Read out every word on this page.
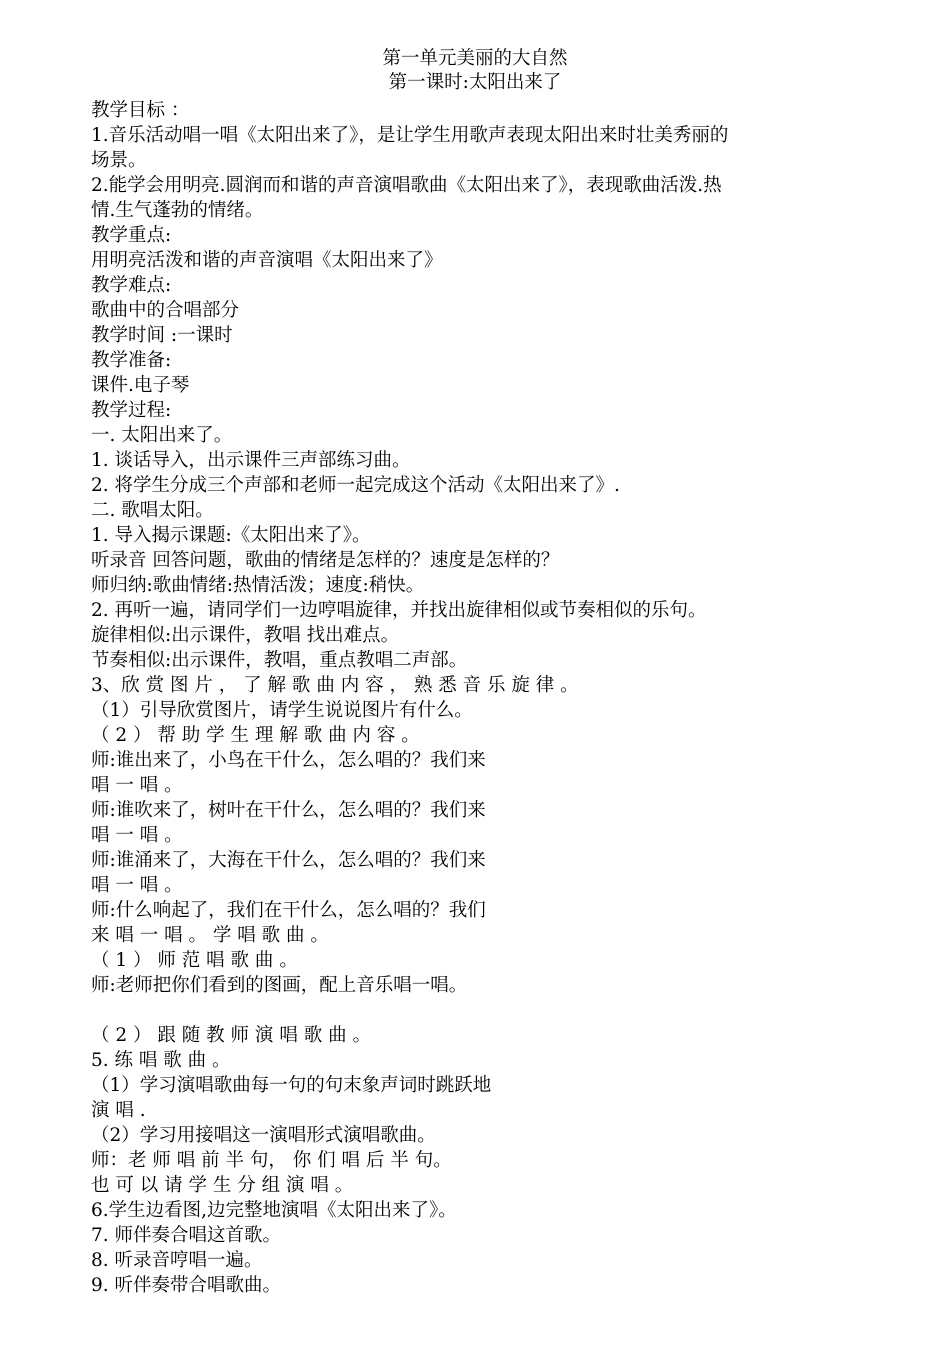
第一单元美丽的大自然
第一课时:太阳出来了
教学目标 ：
1.音乐活动唱一唱《太阳出来了》，是让学生用歌声表现太阳出来时壮美秀丽的
场景。
2.能学会用明亮.圆润而和谐的声音演唱歌曲《太阳出来了》，表现歌曲活泼.热
情.生气蓬勃的情绪。
教学重点:
用明亮活泼和谐的声音演唱《太阳出来了》
教学难点:
歌曲中的合唱部分
教学时间 :一课时
教学准备:
课件.电子琴
教学过程:
一. 太阳出来了。
1. 谈话导入，出示课件三声部练习曲。
2. 将学生分成三个声部和老师一起完成这个活动《太阳出来了》.
二. 歌唱太阳。
1. 导入揭示课题:《太阳出来了》。
听录音 回答问题，歌曲的情绪是怎样的？速度是怎样的？
师归纳:歌曲情绪:热情活泼；速度:稍快。
2. 再听一遍，请同学们一边哼唱旋律，并找出旋律相似或节奏相似的乐句。
旋律相似:出示课件，教唱 找出难点。
节奏相似:出示课件，教唱，重点教唱二声部。
3、欣 赏 图 片 ， 了 解 歌 曲 内 容 ， 熟 悉 音 乐 旋 律 。
（1）引导欣赏图片，请学生说说图片有什么。
（ 2 ） 帮 助 学 生 理 解 歌 曲 内 容 。
师:谁出来了，小鸟在干什么，怎么唱的？我们来
唱 一 唱 。
师:谁吹来了，树叶在干什么，怎么唱的？我们来
唱 一 唱 。
师:谁涌来了，大海在干什么，怎么唱的？我们来
唱 一 唱 。
师:什么响起了，我们在干什么，怎么唱的？我们
来 唱 一 唱 。 学 唱 歌 曲 。
（ 1 ） 师 范 唱 歌 曲 。
师:老师把你们看到的图画，配上音乐唱一唱。
（ 2 ） 跟 随 教 师 演 唱 歌 曲 。
5. 练 唱 歌 曲 。
（1）学习演唱歌曲每一句的句末象声词时跳跃地
演 唱 .
（2）学习用接唱这一演唱形式演唱歌曲。
师：老 师 唱 前 半 句， 你 们 唱 后 半 句。
也 可 以 请 学 生 分 组 演 唱 。
6.学生边看图,边完整地演唱《太阳出来了》。
7. 师伴奏合唱这首歌。
8. 听录音哼唱一遍。
9. 听伴奏带合唱歌曲。
